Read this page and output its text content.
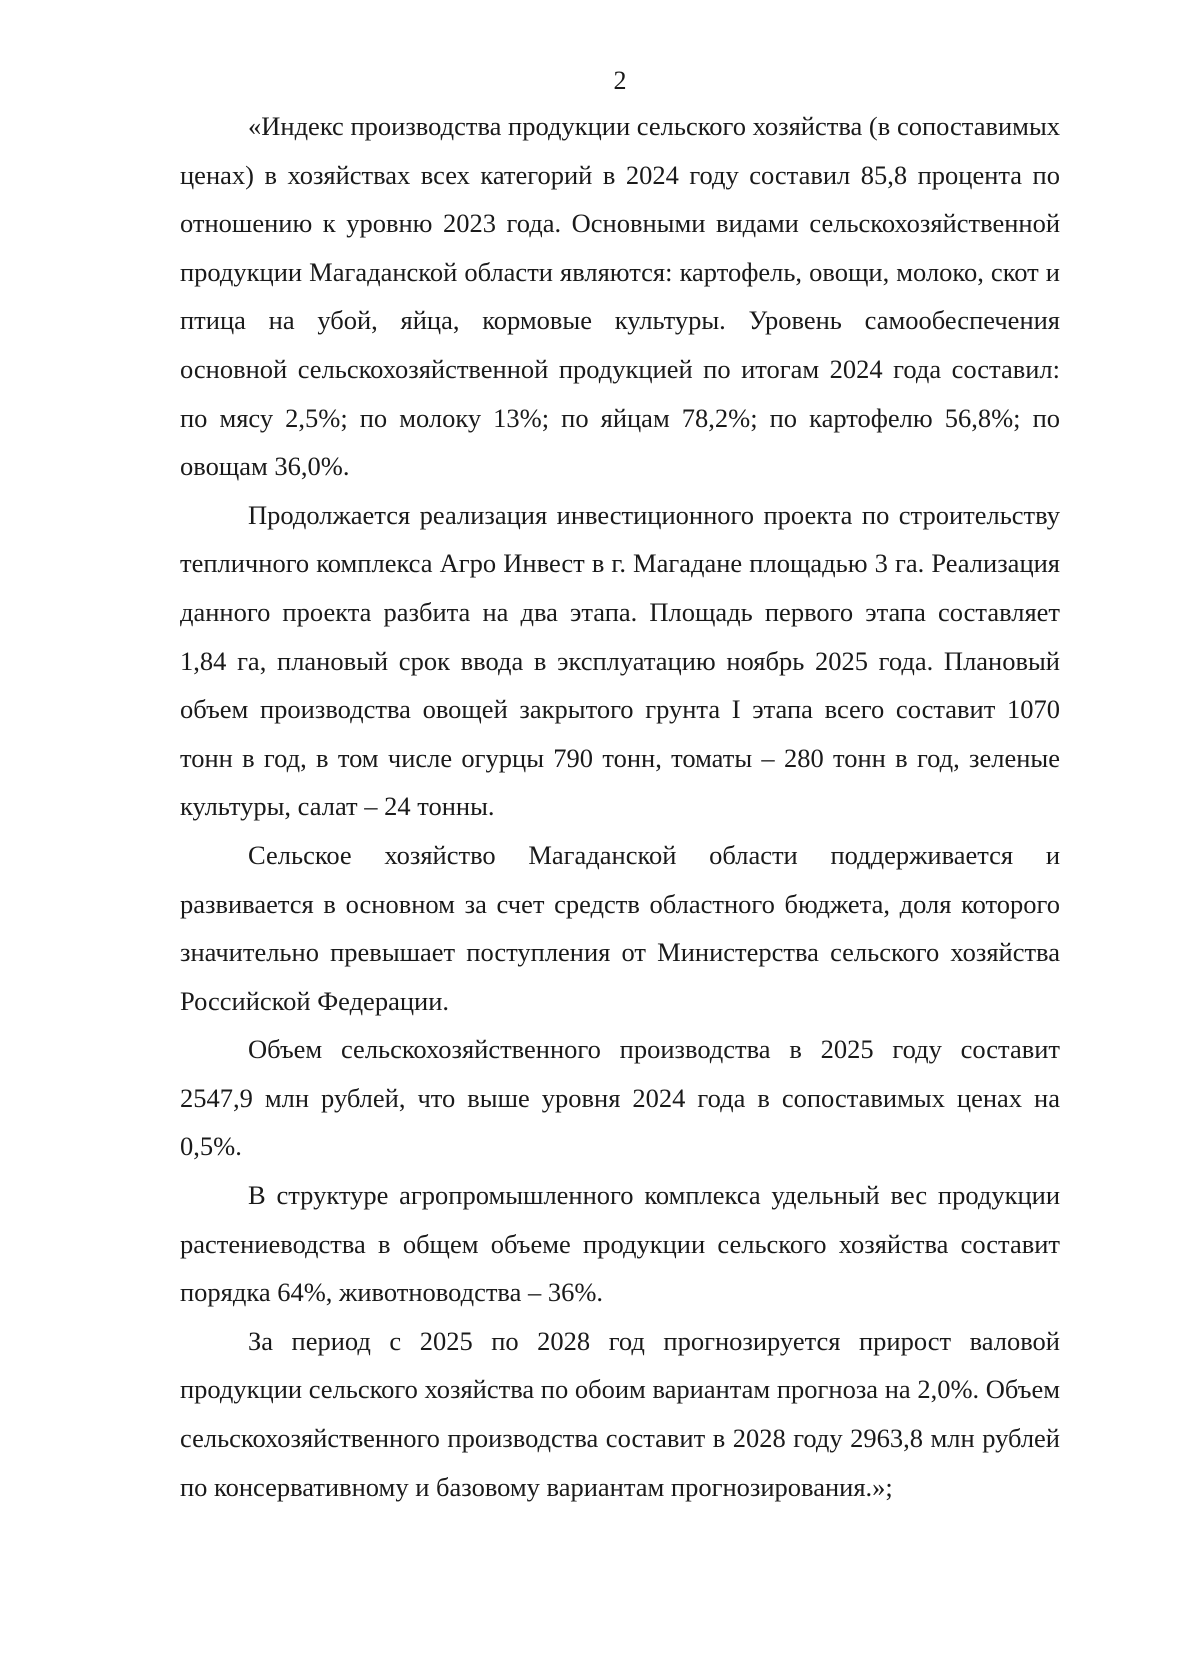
2

«Индекс производства продукции сельского хозяйства (в сопоставимых ценах) в хозяйствах всех категорий в 2024 году составил 85,8 процента по отношению к уровню 2023 года. Основными видами сельскохозяйственной продукции Магаданской области являются: картофель, овощи, молоко, скот и птица на убой, яйца, кормовые культуры. Уровень самообеспечения основной сельскохозяйственной продукцией по итогам 2024 года составил: по мясу 2,5%; по молоку 13%; по яйцам 78,2%; по картофелю 56,8%; по овощам 36,0%.

Продолжается реализация инвестиционного проекта по строительству тепличного комплекса Агро Инвест в г. Магадане площадью 3 га. Реализация данного проекта разбита на два этапа. Площадь первого этапа составляет 1,84 га, плановый срок ввода в эксплуатацию ноябрь 2025 года. Плановый объем производства овощей закрытого грунта I этапа всего составит 1070 тонн в год, в том числе огурцы 790 тонн, томаты – 280 тонн в год, зеленые культуры, салат – 24 тонны.

Сельское хозяйство Магаданской области поддерживается и развивается в основном за счет средств областного бюджета, доля которого значительно превышает поступления от Министерства сельского хозяйства Российской Федерации.

Объем сельскохозяйственного производства в 2025 году составит 2547,9 млн рублей, что выше уровня 2024 года в сопоставимых ценах на 0,5%.

В структуре агропромышленного комплекса удельный вес продукции растениеводства в общем объеме продукции сельского хозяйства составит порядка 64%, животноводства – 36%.

За период с 2025 по 2028 год прогнозируется прирост валовой продукции сельского хозяйства по обоим вариантам прогноза на 2,0%. Объем сельскохозяйственного производства составит в 2028 году 2963,8 млн рублей по консервативному и базовому вариантам прогнозирования.»;
